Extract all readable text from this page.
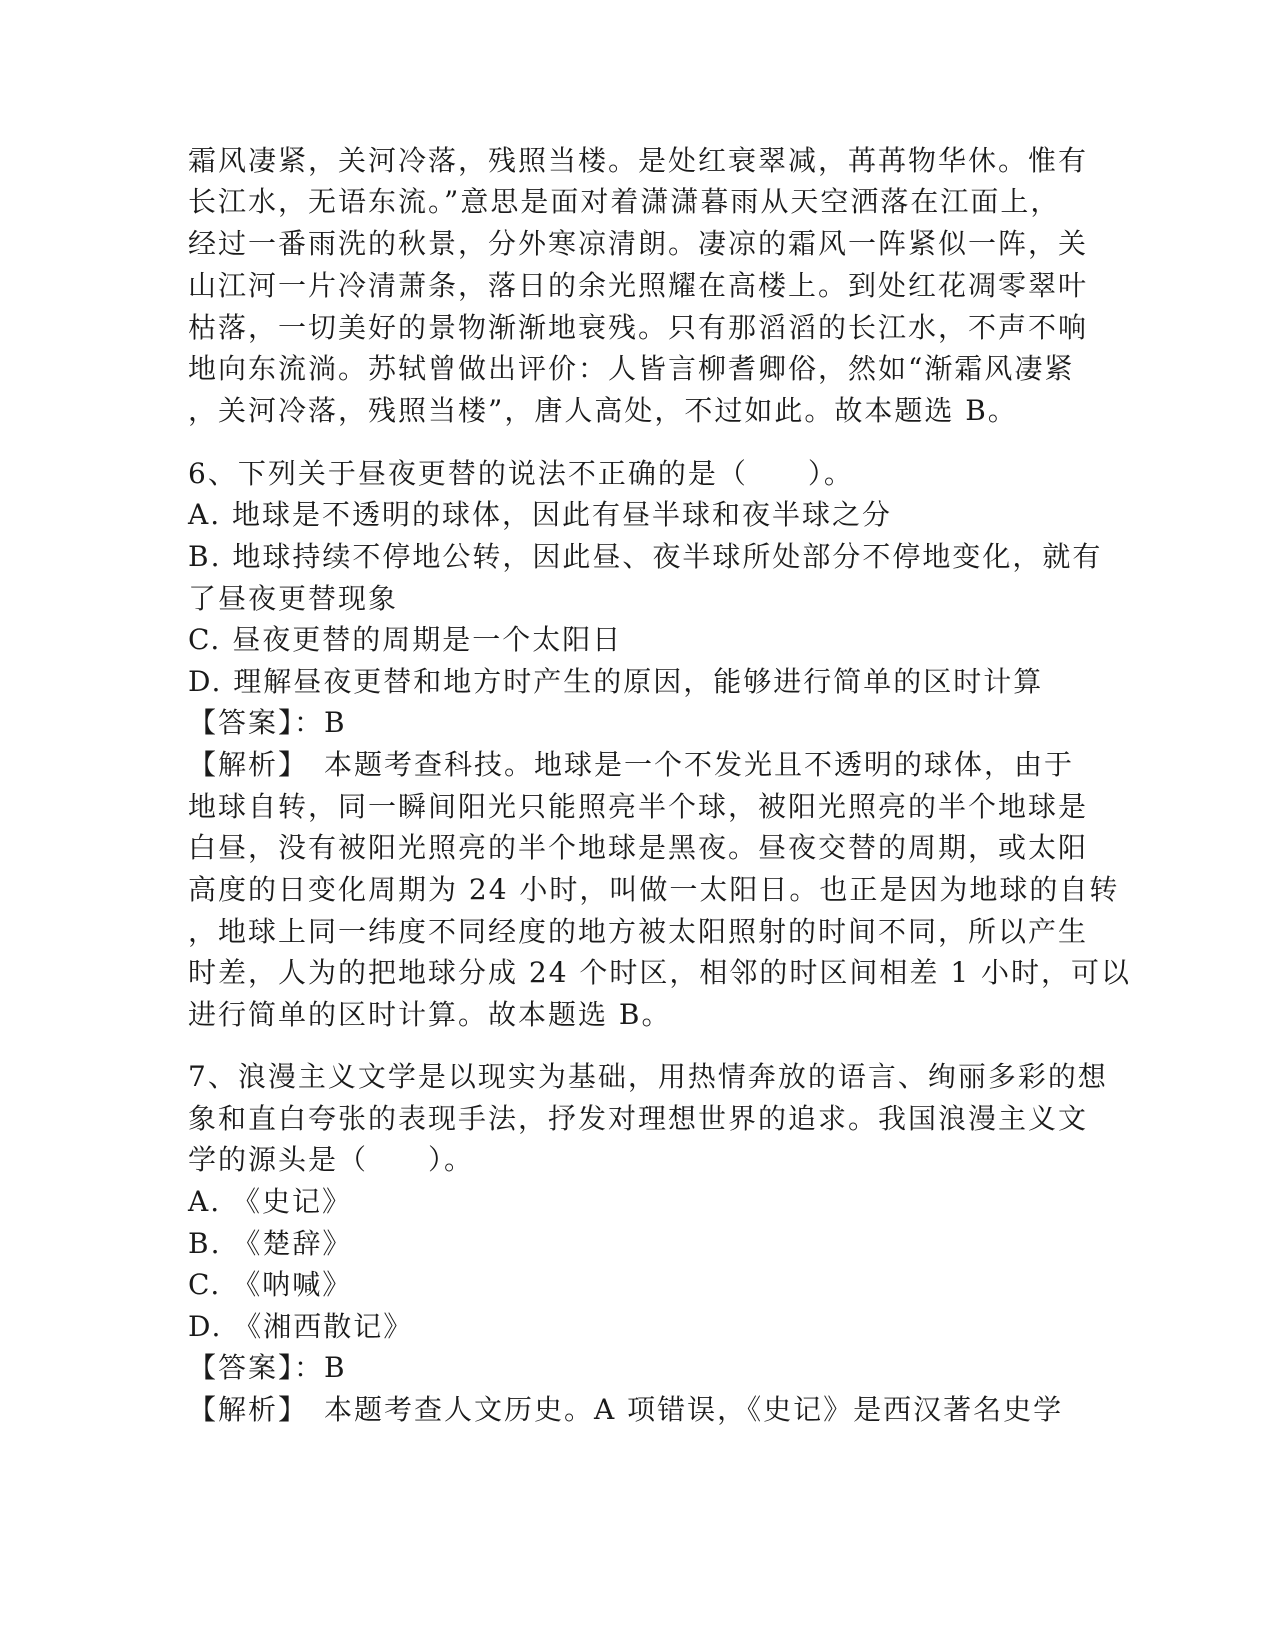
霜风凄紧，关河冷落，残照当楼。是处红衰翠减，苒苒物华休。惟有
长江水，无语东流。”意思是面对着潇潇暮雨从天空洒落在江面上，
经过一番雨洗的秋景，分外寒凉清朗。凄凉的霜风一阵紧似一阵，关
山江河一片冷清萧条，落日的余光照耀在高楼上。到处红花凋零翠叶
枯落，一切美好的景物渐渐地衰残。只有那滔滔的长江水，不声不响
地向东流淌。苏轼曾做出评价：人皆言柳耆卿俗，然如“渐霜风凄紧
，关河冷落，残照当楼”，唐人高处，不过如此。故本题选 B。
6、下列关于昼夜更替的说法不正确的是（　　）。
A. 地球是不透明的球体，因此有昼半球和夜半球之分
B. 地球持续不停地公转，因此昼、夜半球所处部分不停地变化，就有
了昼夜更替现象
C. 昼夜更替的周期是一个太阳日
D. 理解昼夜更替和地方时产生的原因，能够进行简单的区时计算
【答案】：B
【解析】　本题考查科技。地球是一个不发光且不透明的球体，由于
地球自转，同一瞬间阳光只能照亮半个球，被阳光照亮的半个地球是
白昼，没有被阳光照亮的半个地球是黑夜。昼夜交替的周期，或太阳
高度的日变化周期为 24 小时，叫做一太阳日。也正是因为地球的自转
，地球上同一纬度不同经度的地方被太阳照射的时间不同，所以产生
时差，人为的把地球分成 24 个时区，相邻的时区间相差 1 小时，可以
进行简单的区时计算。故本题选 B。
7、浪漫主义文学是以现实为基础，用热情奔放的语言、绚丽多彩的想
象和直白夸张的表现手法，抒发对理想世界的追求。我国浪漫主义文
学的源头是（　　）。
A. 《史记》
B. 《楚辞》
C. 《呐喊》
D. 《湘西散记》
【答案】：B
【解析】　本题考查人文历史。A 项错误，《史记》是西汉著名史学
